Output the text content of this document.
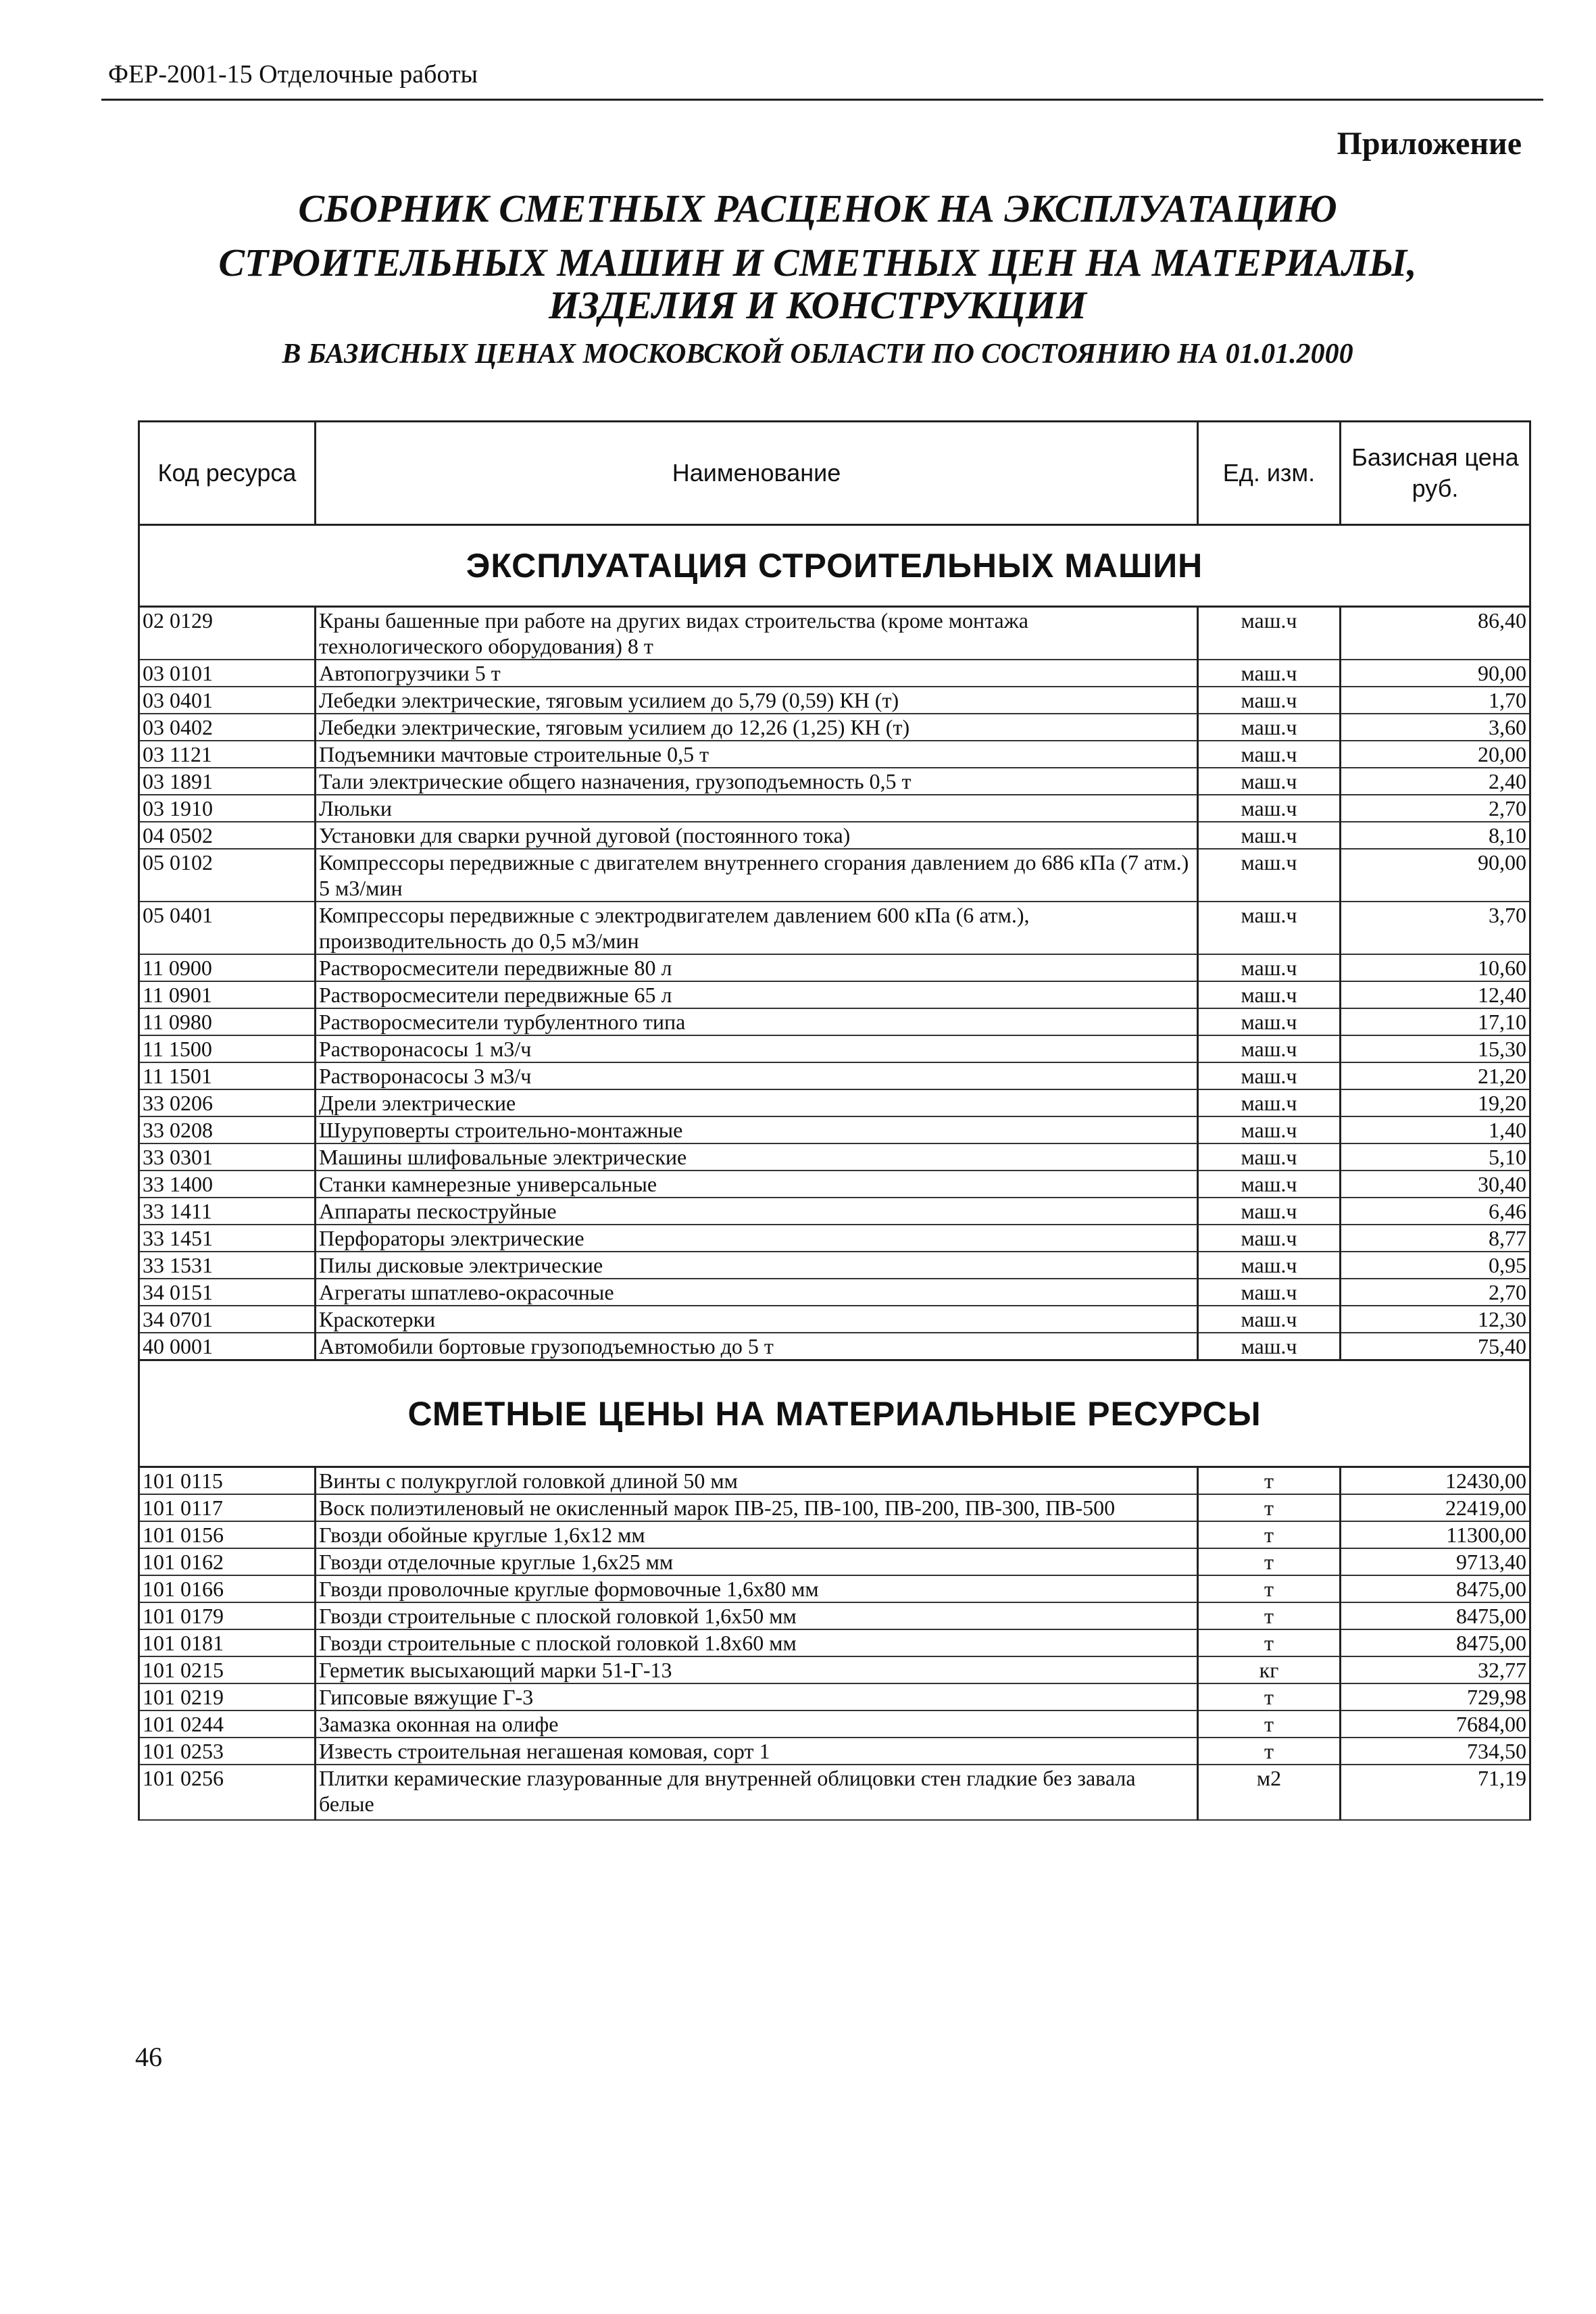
ФЕР-2001-15 Отделочные работы
Приложение
СБОРНИК СМЕТНЫХ РАСЦЕНОК НА ЭКСПЛУАТАЦИЮ
СТРОИТЕЛЬНЫХ МАШИН И СМЕТНЫХ ЦЕН НА МАТЕРИАЛЫ,
ИЗДЕЛИЯ И КОНСТРУКЦИИ
В БАЗИСНЫХ ЦЕНАХ МОСКОВСКОЙ ОБЛАСТИ ПО СОСТОЯНИЮ НА 01.01.2000
Код ресурса	Наименование	Ед. изм.	Базисная цена руб.
ЭКСПЛУАТАЦИЯ СТРОИТЕЛЬНЫХ МАШИН			
02 0129	Краны башенные при работе на других видах строительства (кроме монтажа технологического оборудования) 8 т	маш.ч	86,40
03 0101	Автопогрузчики 5 т	маш.ч	90,00
03 0401	Лебедки электрические, тяговым усилием до 5,79 (0,59) КН (т)	маш.ч	1,70
03 0402	Лебедки электрические, тяговым усилием до 12,26 (1,25) КН (т)	маш.ч	3,60
03 1121	Подъемники мачтовые строительные 0,5 т	маш.ч	20,00
03 1891	Тали электрические общего назначения, грузоподъемность 0,5 т	маш.ч	2,40
03 1910	Люльки	маш.ч	2,70
04 0502	Установки для сварки ручной дуговой (постоянного тока)	маш.ч	8,10
05 0102	Компрессоры передвижные с двигателем внутреннего сгорания давлением до 686 кПа (7 атм.) 5 м3/мин	маш.ч	90,00
05 0401	Компрессоры передвижные с электродвигателем давлением 600 кПа (6 атм.), производительность до 0,5 м3/мин	маш.ч	3,70
11 0900	Растворосмесители передвижные 80 л	маш.ч	10,60
11 0901	Растворосмесители передвижные 65 л	маш.ч	12,40
11 0980	Растворосмесители турбулентного типа	маш.ч	17,10
11 1500	Растворонасосы 1 м3/ч	маш.ч	15,30
11 1501	Растворонасосы 3 м3/ч	маш.ч	21,20
33 0206	Дрели электрические	маш.ч	19,20
33 0208	Шуруповерты строительно-монтажные	маш.ч	1,40
33 0301	Машины шлифовальные электрические	маш.ч	5,10
33 1400	Станки камнерезные универсальные	маш.ч	30,40
33 1411	Аппараты пескоструйные	маш.ч	6,46
33 1451	Перфораторы электрические	маш.ч	8,77
33 1531	Пилы дисковые электрические	маш.ч	0,95
34 0151	Агрегаты шпатлево-окрасочные	маш.ч	2,70
34 0701	Краскотерки	маш.ч	12,30
40 0001	Автомобили бортовые грузоподъемностью до 5 т	маш.ч	75,40
СМЕТНЫЕ ЦЕНЫ НА МАТЕРИАЛЬНЫЕ РЕСУРСЫ			
101 0115	Винты с полукруглой головкой длиной 50 мм	т	12430,00
101 0117	Воск полиэтиленовый не окисленный марок ПВ-25, ПВ-100, ПВ-200, ПВ-300, ПВ-500	т	22419,00
101 0156	Гвозди обойные круглые 1,6х12 мм	т	11300,00
101 0162	Гвозди отделочные круглые 1,6х25 мм	т	9713,40
101 0166	Гвозди проволочные круглые формовочные 1,6х80 мм	т	8475,00
101 0179	Гвозди строительные с плоской головкой 1,6х50 мм	т	8475,00
101 0181	Гвозди строительные с плоской головкой 1.8х60 мм	т	8475,00
101 0215	Герметик высыхающий марки 51-Г-13	кг	32,77
101 0219	Гипсовые вяжущие Г-3	т	729,98
101 0244	Замазка оконная на олифе	т	7684,00
101 0253	Известь строительная негашеная комовая, сорт 1	т	734,50
101 0256	Плитки керамические глазурованные для внутренней облицовки стен гладкие без завала белые	м2	71,19
46
